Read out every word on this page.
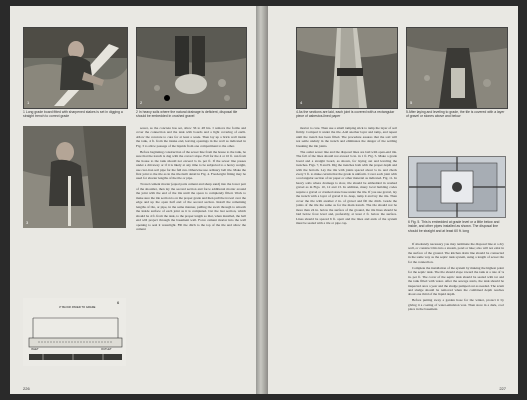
1	2

1 Long grade board fitted with sharpened stakes is set in digging a straight trench to correct grade

2 In heavy soils where the natural drainage is deficient, disposal tile should be embedded in crushed gravel

3
3" BLOCK PAVED TO GRADE
INLET	OUTLET
6

sewer, as the concrete has set, allow 36 to 48 hrs. I remove the forms and cover the connection and the tank with boards and a light covering of earth. Allow the concrete to cure for at least a week. Then lay up a brick wall inside the tank, 4 ft. from the intake end, leaving openings in the wall as indicated in Fig. 3 to allow passage of the liquids from one compartment to the other.

Before beginning construction of the sewer line from the house to the tank, be sure that the trench is dug with the correct slope. Fall for the 4 or 10 ft. run from the house to the tank should not exceed ¼ in. per ft. If the sewer line passes under a driveway or if it is likely at any time to be subjected to a heavy weight, use cast-iron soil pipe for the full run. Otherwise use ordinary bell tile. Make the first joint to the tile as in the tile-built detail in Fig. 4. Fresh-tight fitting may be used for shorter lengths of the tile or pipe.

Trowel cement mortar (equal parts cement and sharp sand) into the lower part of the shoulder, then lay the second section and force additional mortar around the joint with the end of the tile until the space is completely filled. Work to make sure the tile section is on the proper grade and then pull the trowel over the edge and up the open half end of the second section. Install the remaining lengths of tile, or pipe, in the same manner, pulling the swab through to smooth the inside surface of each joint as it is completed. Cut the last section, which should be 4 ft. from the tank, to the proper length so that, when installed, the bell end will project through the basement wall. Force cement mortar into the wall opening to seal it watertight. Fill the ditch to the top of the tile and allow the cement

226
4	5

4 As the sections are laid, each joint is covered with a rectangular piece of asbestos-lined paper

5 After laying and leveling to grade, the tile is covered with a layer of gravel or stones above and below

mortar to cure. Then use a small tamping stick to tamp the layer of soil firmly. Compact it under the tile. Add another layer and tamp, and repeat until the trench has been filled. The procedure assures that the soil will not settle unduly in the trench and eliminates the danger of the settling breaking the tile joints.

The outlet sewer line and the disposal lines are laid with open-end tile. The fall of the lines should not exceed ¼ in. in 1 ft. Fig. 5. Make a grade board and a straight board, as shown, for laying out and leveling the trenches. Figs. 7, 8 and 9. Dig the trenches both with the proper depth and with the bottom. Lay the tile with joints spaced about ¼ in. and check every 5 ft. to make certain that the grade is uniform. Cover each joint with a rectangular section of tar paper or other material as indicated. Fig. 11. In heavy soils where drainage is slow, tile should be embedded in washed gravel as in Figs. 10, 12 and 13. In addition, many local building codes require a gravel or crushed stone base under the tile. If you use gravel, lay the trench with a layer of gravel 6 in. deep, tamp it and lay the tile. Then cover the tile with another 2 in. of gravel and fill the ditch. Grade the joints of the tile the same as for the main trench. The tile should not be more than 24 in. below the surface of the ground, the tile lines should be laid below frost level and, preferably, at least 2 ft. below the surface. Lines should be spaced 6 ft. apart and the lines and ends of the system must be sealed with a tile or pipe cap.	6 Fig. 5. This is embedded at grade level or a little below and inside, and other pipes installed as shown. The disposal line should be straight and at least 60 ft. long

If absolutely necessary you may terminate the disposal line at a dry well, or construct this into a stream, pond or lake; also will not exist in the surface of the ground. The kitchen drain line should be connected in the same way as the septic tank system, using a length of sewer tile for the connection.

Complete the installation of the system by making the highest point for the septic tank. The tile should slope toward the tank at a rate of ¼ in. per ft. The cover of the septic tank should be sealed with tar and the tank filled with water. After the sewage starts, the tank should be inspected once a year and the sludge pumped out as needed. The scum and sludge should be removed when the combined depth reaches about one third of the liquid depth.

Before putting away a garden hose for the winter, protect it by giving it a coating of water-emulsion wax. Then store in a dark, cool place in the basement.

227
